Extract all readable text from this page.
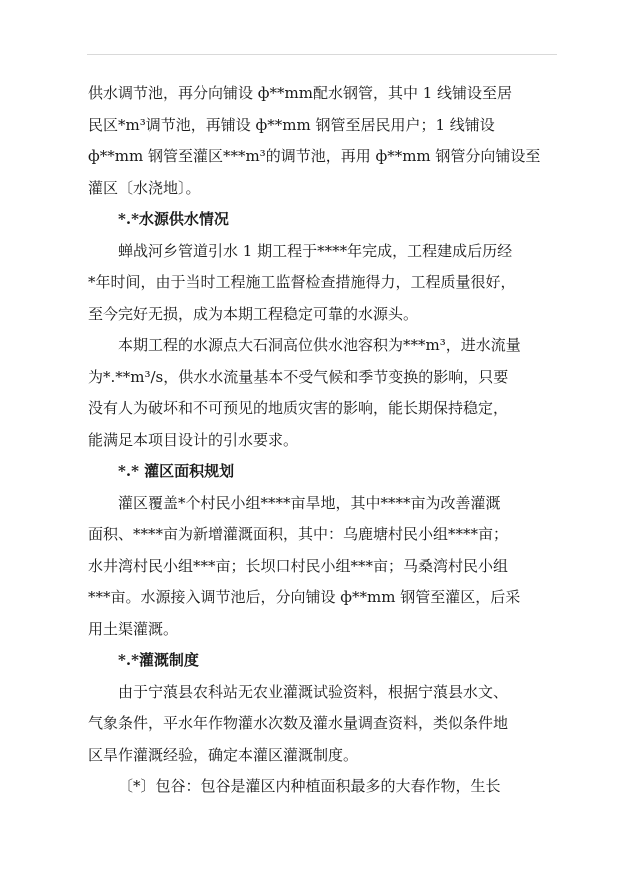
供水调节池，再分向铺设 ф**mm配水钢管，其中 1 线铺设至居
民区*m³调节池，再铺设 ф**mm 钢管至居民用户；1 线铺设
ф**mm 钢管至灌区***m³的调节池，再用 ф**mm 钢管分向铺设至
灌区〔水浇地〕。
*.*水源供水情况
蝉战河乡管道引水 1 期工程于****年完成，工程建成后历经
*年时间，由于当时工程施工监督检查措施得力，工程质量很好，
至今完好无损，成为本期工程稳定可靠的水源头。
本期工程的水源点大石洞高位供水池容积为***m³，进水流量
为*.**m³/s，供水水流量基本不受气候和季节变换的影响，只要
没有人为破坏和不可预见的地质灾害的影响，能长期保持稳定，
能满足本项目设计的引水要求。
*.* 灌区面积规划
灌区覆盖*个村民小组****亩旱地，其中****亩为改善灌溉
面积、****亩为新增灌溉面积，其中：乌鹿塘村民小组****亩；
水井湾村民小组***亩；长坝口村民小组***亩；马桑湾村民小组
***亩。水源接入调节池后，分向铺设 ф**mm 钢管至灌区，后采
用土渠灌溉。
*.*灌溉制度
由于宁蒗县农科站无农业灌溉试验资料，根据宁蒗县水文、
气象条件，平水年作物灌水次数及灌水量调查资料，类似条件地
区旱作灌溉经验，确定本灌区灌溉制度。
〔*〕包谷：包谷是灌区内种植面积最多的大春作物，生长
